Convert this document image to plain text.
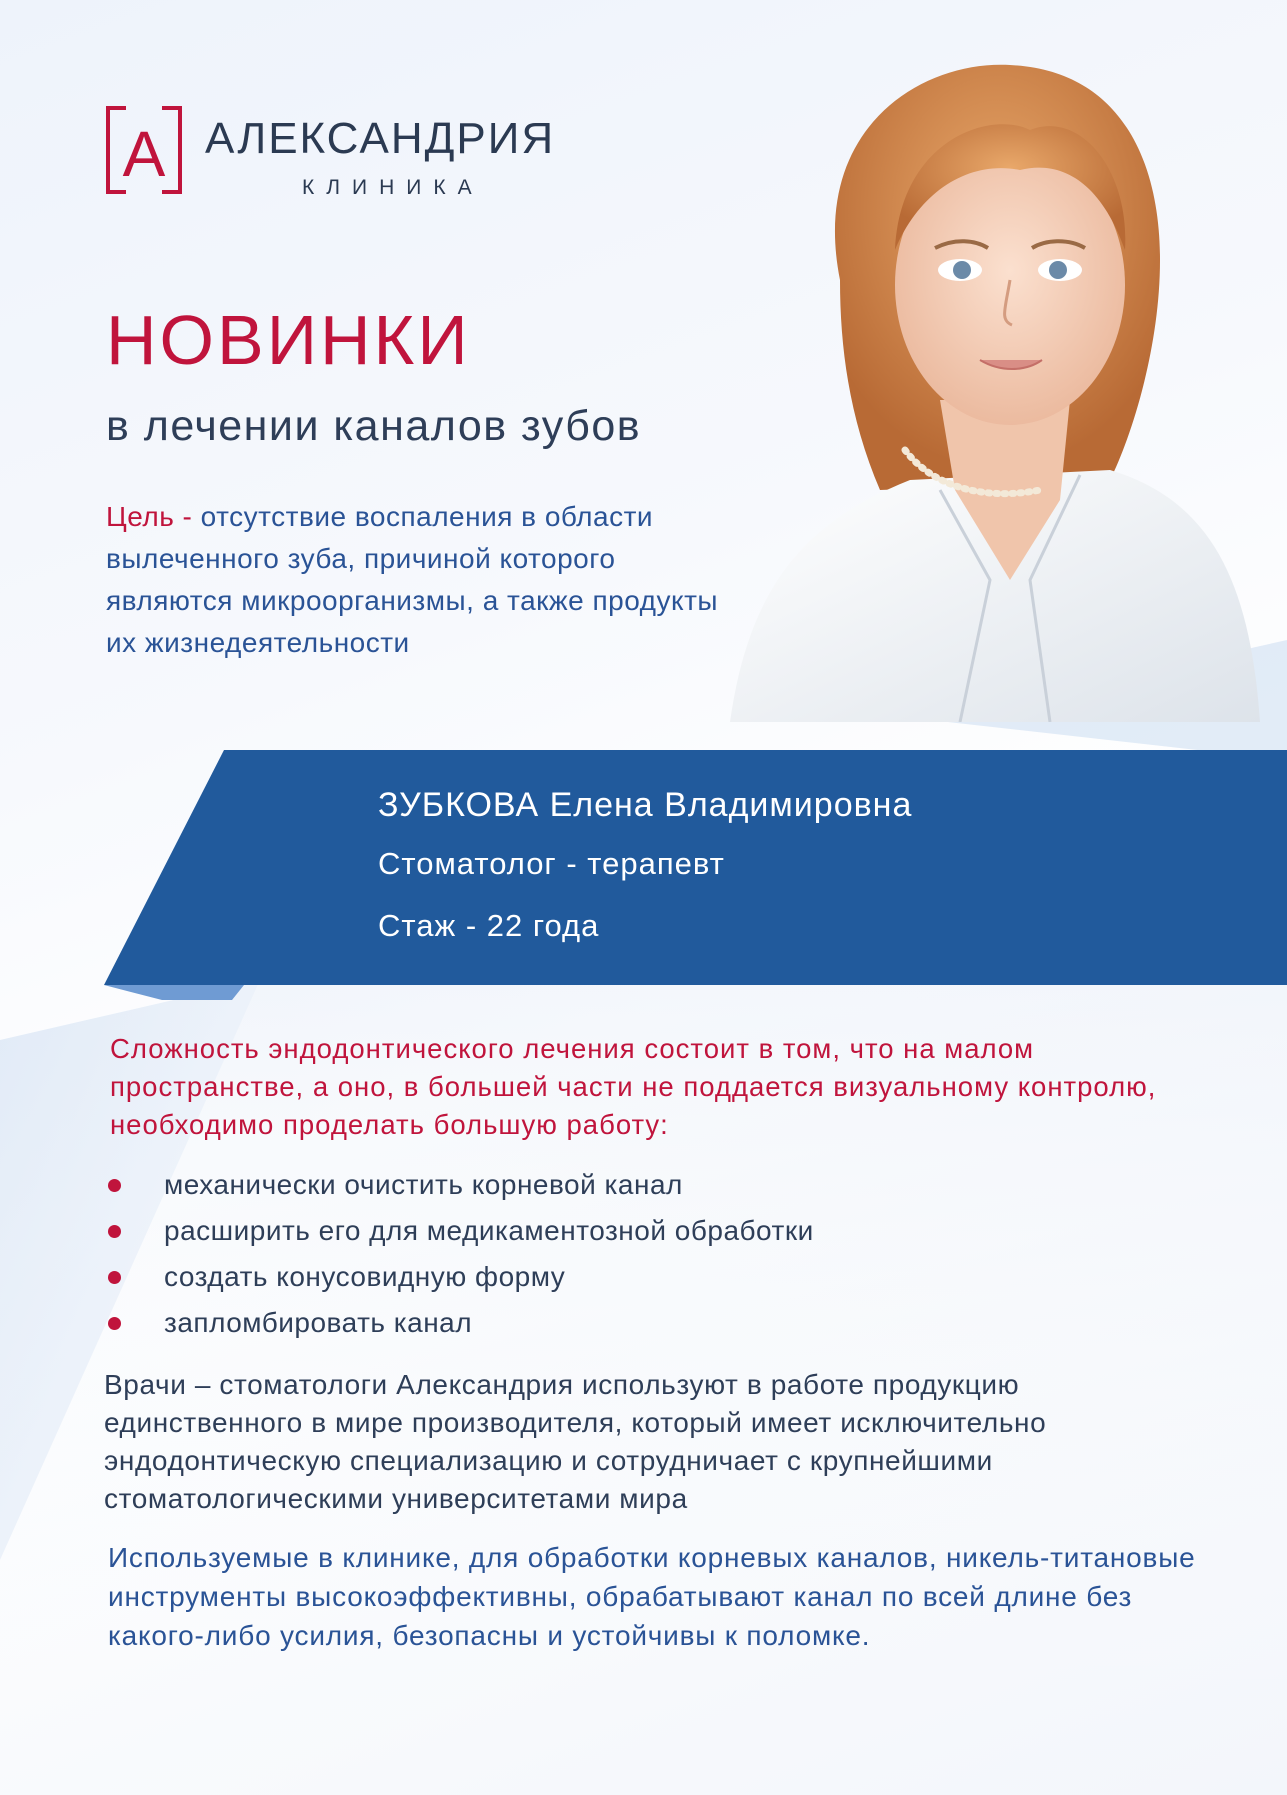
А АЛЕКСАНДРИЯ
КЛИНИКА
НОВИНКИ
в лечении каналов зубов

Цель - отсутствие воспаления в области вылеченного зуба, причиной которого являются микроорганизмы, а также продукты их жизнедеятельности

ЗУБКОВА Елена Владимировна
Стоматолог - терапевт
Стаж - 22 года

Сложность эндодонтического лечения состоит в том, что на малом пространстве, а оно, в большей части не поддается визуальному контролю, необходимо проделать большую работу:

механически очистить корневой канал
расширить его для медикаментозной обработки
создать конусовидную форму
запломбировать канал

Врачи – стоматологи Александрия используют в работе продукцию единственного в мире производителя, который имеет исключительно эндодонтическую специализацию и сотрудничает с крупнейшими стоматологическими университетами мира

Используемые в клинике, для обработки корневых каналов, никель-титановые инструменты высокоэффективны, обрабатывают канал по всей длине без какого-либо усилия, безопасны и устойчивы к поломке.
